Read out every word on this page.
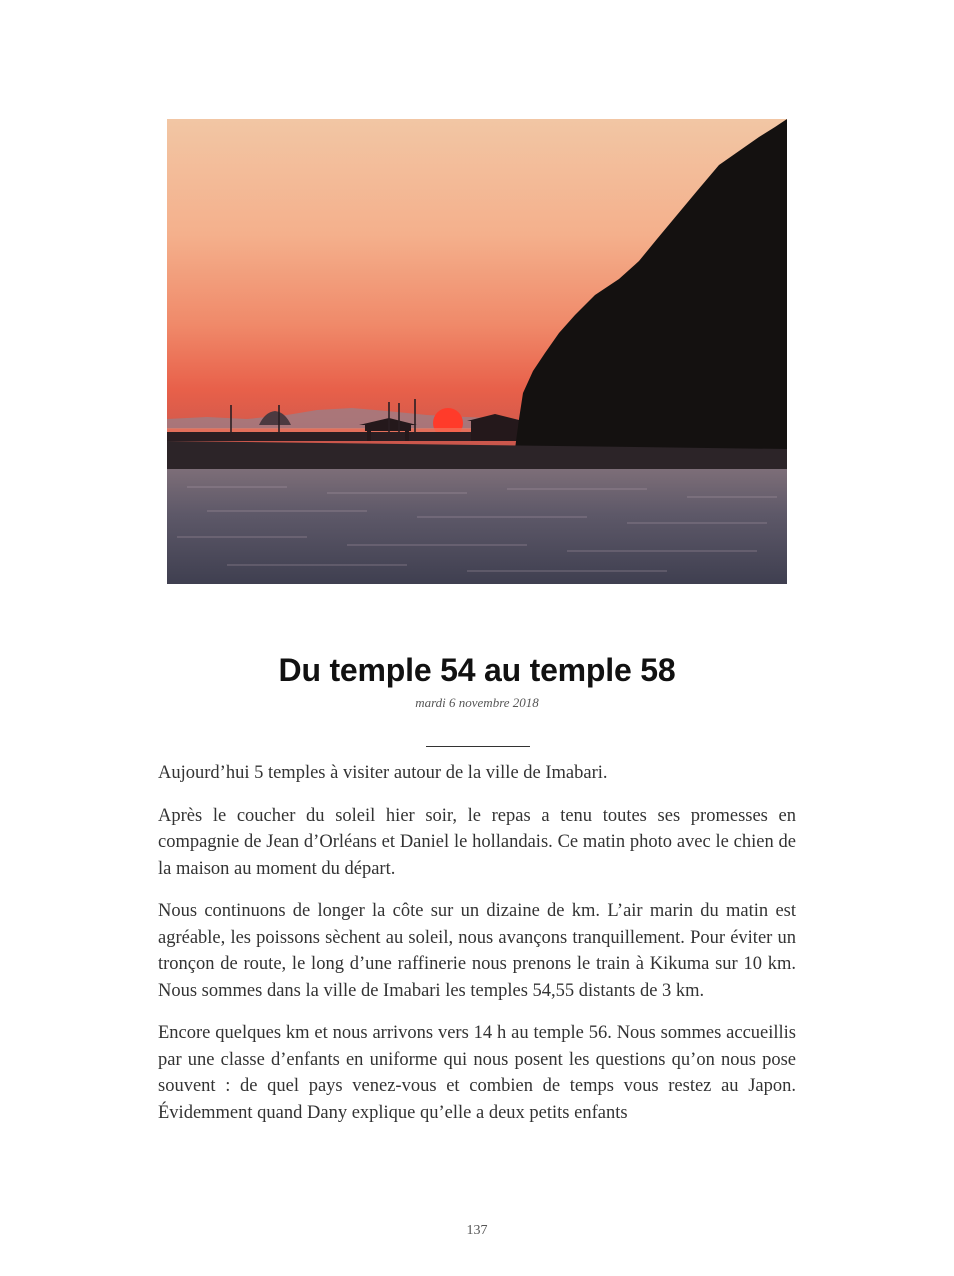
Du temple 54 au temple 58
mardi 6 novembre 2018

Aujourd’hui 5 temples à visiter autour de la ville de Imabari.

Après le coucher du soleil hier soir, le repas a tenu toutes ses promesses en compagnie de Jean d’Orléans et Daniel le hollandais. Ce matin photo avec le chien de la maison au moment du départ.

Nous continuons de longer la côte sur un dizaine de km. L’air marin du matin est agréable, les poissons sèchent au soleil, nous avançons tranquillement. Pour éviter un tronçon de route, le long d’une raffinerie nous prenons le train à Kikuma sur 10 km. Nous sommes dans la ville de Imabari les temples 54,55 distants de 3 km.

Encore quelques km et nous arrivons vers 14 h au temple 56. Nous sommes accueillis par une classe d’enfants en uniforme qui nous posent les questions qu’on nous pose souvent : de quel pays venez-vous et combien de temps vous restez au Japon. Évidemment quand Dany explique qu’elle a deux petits enfants

137
